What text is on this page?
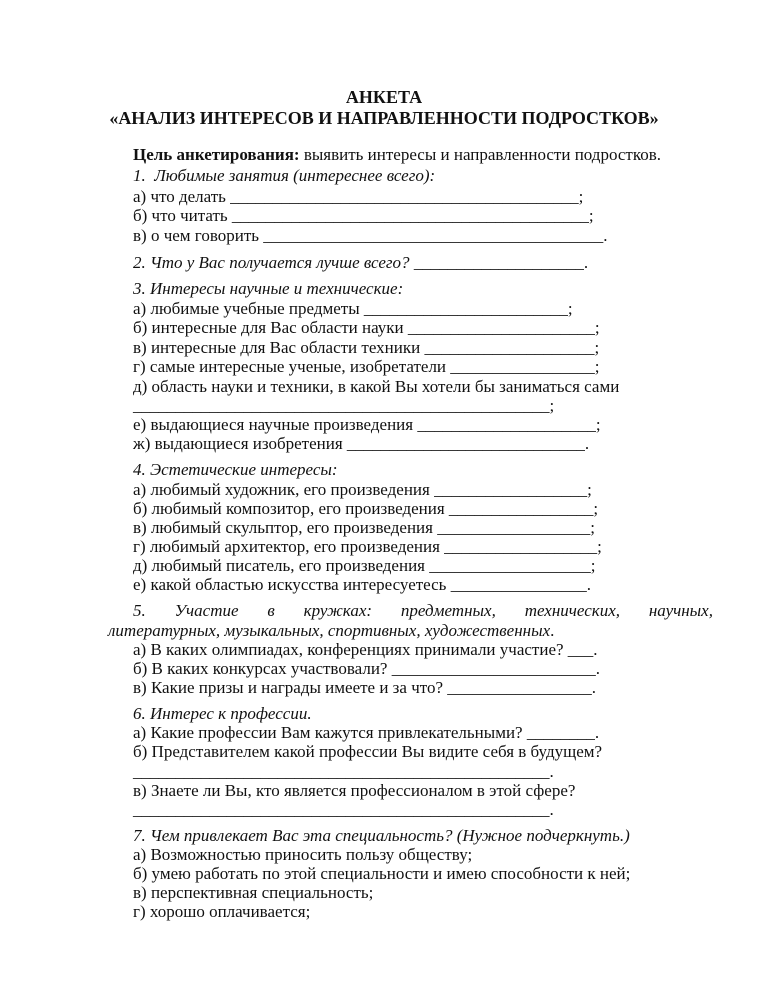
АНКЕТА
«АНАЛИЗ ИНТЕРЕСОВ И НАПРАВЛЕННОСТИ ПОДРОСТКОВ»
Цель анкетирования: выявить интересы и направленности подростков.
1.  Любимые занятия (интереснее всего):
а) что делать _________________________________________;
б) что читать __________________________________________;
в) о чем говорить ________________________________________.
2. Что у Вас получается лучше всего? ____________________.
3. Интересы научные и технические:
а) любимые учебные предметы ________________________;
б) интересные для Вас области науки ______________________;
в) интересные для Вас области техники ____________________;
г) самые интересные ученые, изобретатели _________________;
д) область науки и техники, в какой Вы хотели бы заниматься сами
_________________________________________________;
е) выдающиеся научные произведения _____________________;
ж) выдающиеся изобретения ____________________________.
4. Эстетические интересы:
а) любимый художник, его произведения __________________;
б) любимый композитор, его произведения _________________;
в) любимый скульптор, его произведения __________________;
г) любимый архитектор, его произведения __________________;
д) любимый писатель, его произведения ___________________;
е) какой областью искусства интересуетесь ________________.
5. Участие в кружках: предметных, технических, научных,
литературных, музыкальных, спортивных, художественных.
а) В каких олимпиадах, конференциях принимали участие? ___.
б) В каких конкурсах участвовали? ________________________.
в) Какие призы и награды имеете и за что? _________________.
6. Интерес к профессии.
а) Какие профессии Вам кажутся привлекательными? ________.
б) Представителем какой профессии Вы видите себя в будущем?
_________________________________________________.
в) Знаете ли Вы, кто является профессионалом в этой сфере?
_________________________________________________.
7. Чем привлекает Вас эта специальность? (Нужное подчеркнуть.)
а) Возможностью приносить пользу обществу;
б) умею работать по этой специальности и имею способности к ней;
в) перспективная специальность;
г) хорошо оплачивается;
